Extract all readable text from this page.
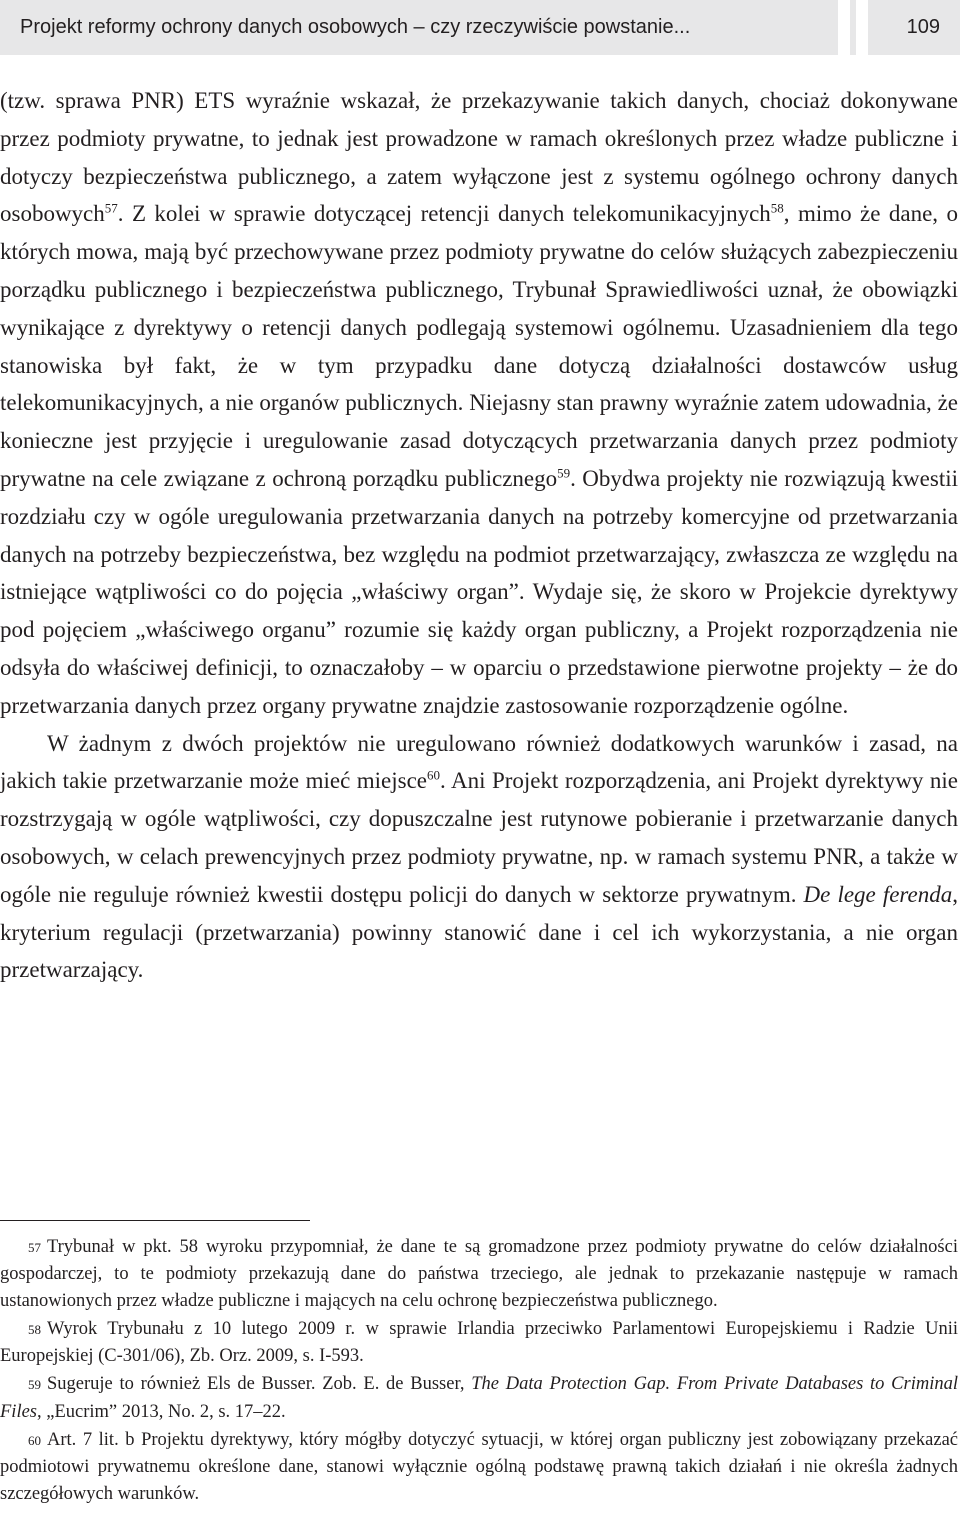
Projekt reformy ochrony danych osobowych – czy rzeczywiście powstanie...	109

(tzw. sprawa PNR) ETS wyraźnie wskazał, że przekazywanie takich danych, chociaż dokonywane przez podmioty prywatne, to jednak jest prowadzone w ramach określonych przez władze publiczne i dotyczy bezpieczeństwa publicznego, a zatem wyłączone jest z systemu ogólnego ochrony danych osobowych$^{57}$. Z kolei w sprawie dotyczącej retencji danych telekomunikacyjnych$^{58}$, mimo że dane, o których mowa, mają być przechowywane przez podmioty prywatne do celów służących zabezpieczeniu porządku publicznego i bezpieczeństwa publicznego, Trybunał Sprawiedliwości uznał, że obowiązki wynikające z dyrektywy o retencji danych podlegają systemowi ogólnemu. Uzasadnieniem dla tego stanowiska był fakt, że w tym przypadku dane dotyczą działalności dostawców usług telekomunikacyjnych, a nie organów publicznych. Niejasny stan prawny wyraźnie zatem udowadnia, że konieczne jest przyjęcie i uregulowanie zasad dotyczących przetwarzania danych przez podmioty prywatne na cele związane z ochroną porządku publicznego$^{59}$. Obydwa projekty nie rozwiązują kwestii rozdziału czy w ogóle uregulowania przetwarzania danych na potrzeby komercyjne od przetwarzania danych na potrzeby bezpieczeństwa, bez względu na podmiot przetwarzający, zwłaszcza ze względu na istniejące wątpliwości co do pojęcia „właściwy organ”. Wydaje się, że skoro w Projekcie dyrektywy pod pojęciem „właściwego organu” rozumie się każdy organ publiczny, a Projekt rozporządzenia nie odsyła do właściwej definicji, to oznaczałoby – w oparciu o przedstawione pierwotne projekty – że do przetwarzania danych przez organy prywatne znajdzie zastosowanie rozporządzenie ogólne.

W żadnym z dwóch projektów nie uregulowano również dodatkowych warunków i zasad, na jakich takie przetwarzanie może mieć miejsce$^{60}$. Ani Projekt rozporządzenia, ani Projekt dyrektywy nie rozstrzygają w ogóle wątpliwości, czy dopuszczalne jest rutynowe pobieranie i przetwarzanie danych osobowych, w celach prewencyjnych przez podmioty prywatne, np. w ramach systemu PNR, a także w ogóle nie reguluje również kwestii dostępu policji do danych w sektorze prywatnym. De lege ferenda, kryterium regulacji (przetwarzania) powinny stanowić dane i cel ich wykorzystania, a nie organ przetwarzający.

57 Trybunał w pkt. 58 wyroku przypomniał, że dane te są gromadzone przez podmioty prywatne do celów działalności gospodarczej, to te podmioty przekazują dane do państwa trzeciego, ale jednak to przekazanie następuje w ramach ustanowionych przez władze publiczne i mających na celu ochronę bezpieczeństwa publicznego.

58 Wyrok Trybunału z 10 lutego 2009 r. w sprawie Irlandia przeciwko Parlamentowi Europejskiemu i Radzie Unii Europejskiej (C-301/06), Zb. Orz. 2009, s. I-593.

59 Sugeruje to również Els de Busser. Zob. E. de Busser, The Data Protection Gap. From Private Databases to Criminal Files, „Eucrim” 2013, No. 2, s. 17–22.

60 Art. 7 lit. b Projektu dyrektywy, który mógłby dotyczyć sytuacji, w której organ publiczny jest zobowiązany przekazać podmiotowi prywatnemu określone dane, stanowi wyłącznie ogólną podstawę prawną takich działań i nie określa żadnych szczegółowych warunków.
